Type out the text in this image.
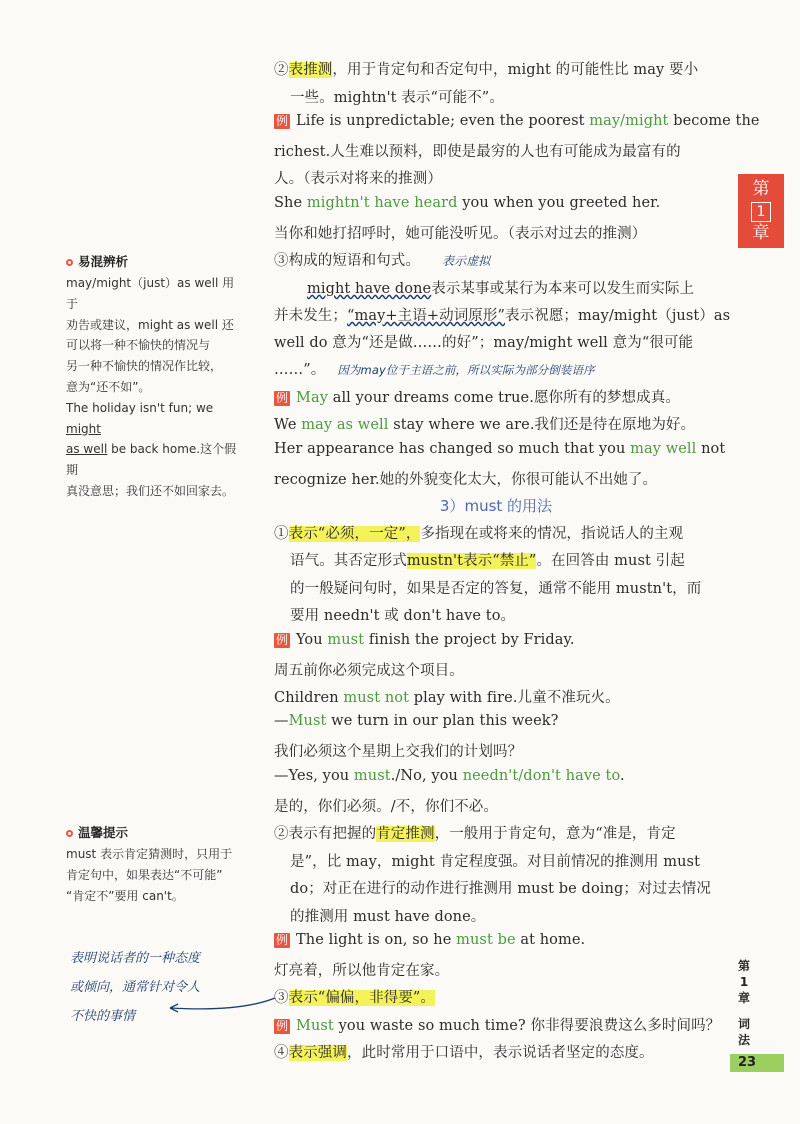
第
1
章
易混辨析
may/might（just）as well 用于
劝告或建议，might as well 还
可以将一种不愉快的情况与
另一种不愉快的情况作比较，
意为“还不如”。
The holiday isn't fun; we might
as well be back home.这个假期
真没意思；我们还不如回家去。
温馨提示
must 表示肯定猜测时，只用于
肯定句中，如果表达“不可能”
“肯定不”要用 can't。
表明说话者的一种态度
或倾向，通常针对令人
不快的事情
②表推测，用于肯定句和否定句中，might 的可能性比 may 要小
一些。mightn't 表示“可能不”。
例 Life is unpredictable; even the poorest may/might become the
richest.人生难以预料，即使是最穷的人也有可能成为最富有的
人。（表示对将来的推测）
She mightn't have heard you when you greeted her.
当你和她打招呼时，她可能没听见。（表示对过去的推测）
③构成的短语和句式。 表示虚拟
might have done表示某事或某行为本来可以发生而实际上
并未发生；“may+主语+动词原形”表示祝愿；may/might（just）as
well do 意为“还是做……的好”；may/might well 意为“很可能
……”。 因为may位于主语之前，所以实际为部分倒装语序
例 May all your dreams come true.愿你所有的梦想成真。
We may as well stay where we are.我们还是待在原地为好。
Her appearance has changed so much that you may well not
recognize her.她的外貌变化太大，你很可能认不出她了。
3）must 的用法
①表示“必须，一定”，多指现在或将来的情况，指说话人的主观
语气。其否定形式mustn't表示“禁止”。在回答由 must 引起
的一般疑问句时，如果是否定的答复，通常不能用 mustn't，而
要用 needn't 或 don't have to。
例 You must finish the project by Friday.
周五前你必须完成这个项目。
Children must not play with fire.儿童不准玩火。
—Must we turn in our plan this week?
我们必须这个星期上交我们的计划吗？
—Yes, you must./No, you needn't/don't have to.
是的，你们必须。/不，你们不必。
②表示有把握的肯定推测，一般用于肯定句，意为“准是，肯定
是”，比 may，might 肯定程度强。对目前情况的推测用 must
do；对正在进行的动作进行推测用 must be doing；对过去情况
的推测用 must have done。
例 The light is on, so he must be at home.
灯亮着，所以他肯定在家。
③表示“偏偏，非得要”。
例 Must you waste so much time? 你非得要浪费这么多时间吗？
④表示强调，此时常用于口语中，表示说话者坚定的态度。
第
1
章
词
法
23
